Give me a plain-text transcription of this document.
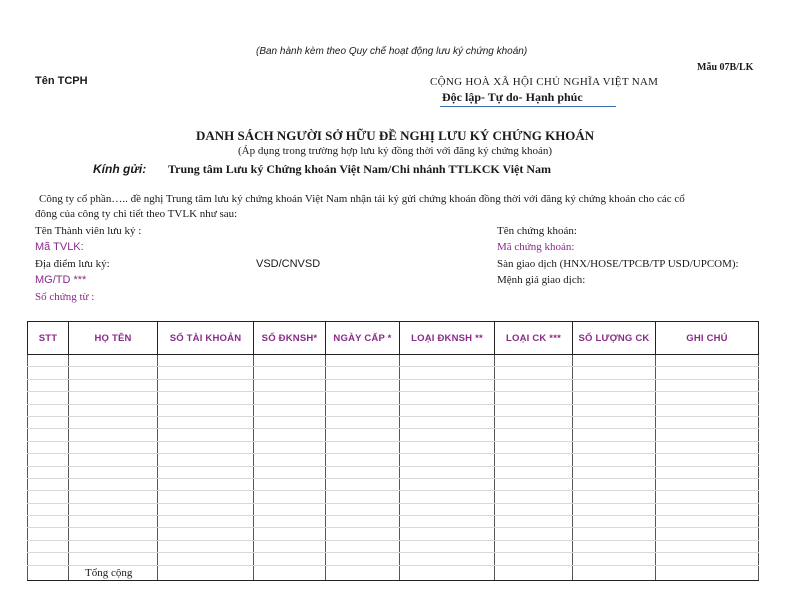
(Ban hành kèm theo Quy chế hoạt động lưu ký chứng khoán)
Mẫu 07B/LK
Tên TCPH	CỘNG HOÀ XÃ HỘI CHỦ NGHĨA VIỆT NAM
Độc lập- Tự do- Hạnh phúc
DANH SÁCH NGƯỜI SỞ HỮU ĐỀ NGHỊ LƯU KÝ CHỨNG KHOÁN
(Áp dụng trong trường hợp lưu ký đồng thời với đăng ký chứng khoán)
Kính gửi: Trung tâm Lưu ký Chứng khoán Việt Nam/Chi nhánh TTLKCK Việt Nam
Công ty cổ phần….. đề nghị Trung tâm lưu ký chứng khoán Việt Nam nhận tái ký gửi chứng khoán đồng thời với đăng ký chứng khoán cho các cổ
đông của công ty chi tiết theo TVLK như sau:
Tên Thành viên lưu ký :
Mã TVLK:
Địa điểm lưu ký:	VSD/CNVSD
MG/TD ***
Số chứng từ :
Tên chứng khoán:
Mã chứng khoán:
Sàn giao dịch (HNX/HOSE/TPCB/TP USD/UPCOM):
Mệnh giá giao dịch:
STT	HỌ TÊN	SỐ TÀI KHOẢN	SỐ ĐKNSH*	NGÀY CẤP *	LOẠI ĐKNSH **	LOẠI CK ***	SỐ LƯỢNG CK	GHI CHÚ

	Tổng cộng							
